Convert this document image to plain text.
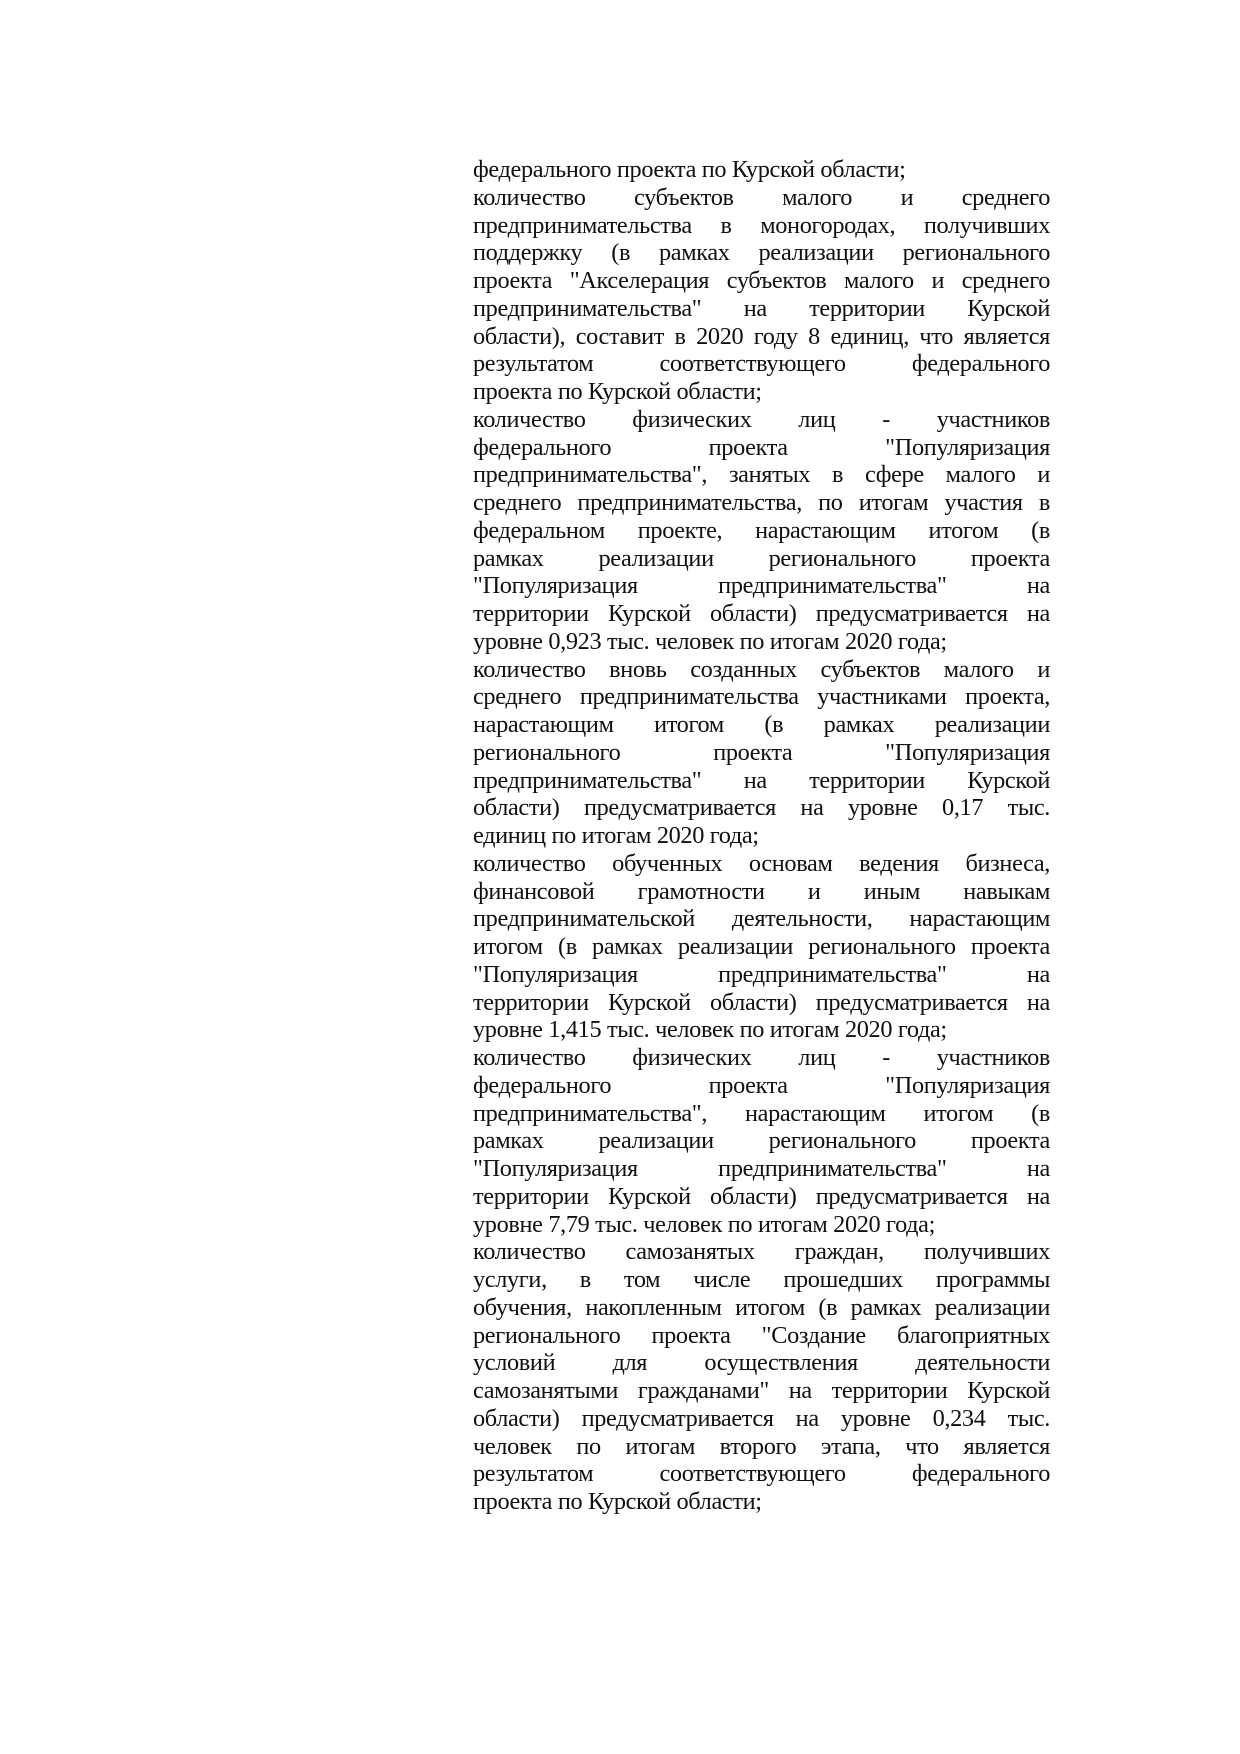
федерального проекта по Курской области;
количество субъектов малого и среднего
предпринимательства в моногородах, получивших
поддержку (в рамках реализации регионального
проекта "Акселерация субъектов малого и среднего
предпринимательства" на территории Курской
области), составит в 2020 году 8 единиц, что является
результатом соответствующего федерального
проекта по Курской области;
количество физических лиц - участников
федерального проекта "Популяризация
предпринимательства", занятых в сфере малого и
среднего предпринимательства, по итогам участия в
федеральном проекте, нарастающим итогом (в
рамках реализации регионального проекта
"Популяризация предпринимательства" на
территории Курской области) предусматривается на
уровне 0,923 тыс. человек по итогам 2020 года;
количество вновь созданных субъектов малого и
среднего предпринимательства участниками проекта,
нарастающим итогом (в рамках реализации
регионального проекта "Популяризация
предпринимательства" на территории Курской
области) предусматривается на уровне 0,17 тыс.
единиц по итогам 2020 года;
количество обученных основам ведения бизнеса,
финансовой грамотности и иным навыкам
предпринимательской деятельности, нарастающим
итогом (в рамках реализации регионального проекта
"Популяризация предпринимательства" на
территории Курской области) предусматривается на
уровне 1,415 тыс. человек по итогам 2020 года;
количество физических лиц - участников
федерального проекта "Популяризация
предпринимательства", нарастающим итогом (в
рамках реализации регионального проекта
"Популяризация предпринимательства" на
территории Курской области) предусматривается на
уровне 7,79 тыс. человек по итогам 2020 года;
количество самозанятых граждан, получивших
услуги, в том числе прошедших программы
обучения, накопленным итогом (в рамках реализации
регионального проекта "Создание благоприятных
условий для осуществления деятельности
самозанятыми гражданами" на территории Курской
области) предусматривается на уровне 0,234 тыс.
человек по итогам второго этапа, что является
результатом соответствующего федерального
проекта по Курской области;
